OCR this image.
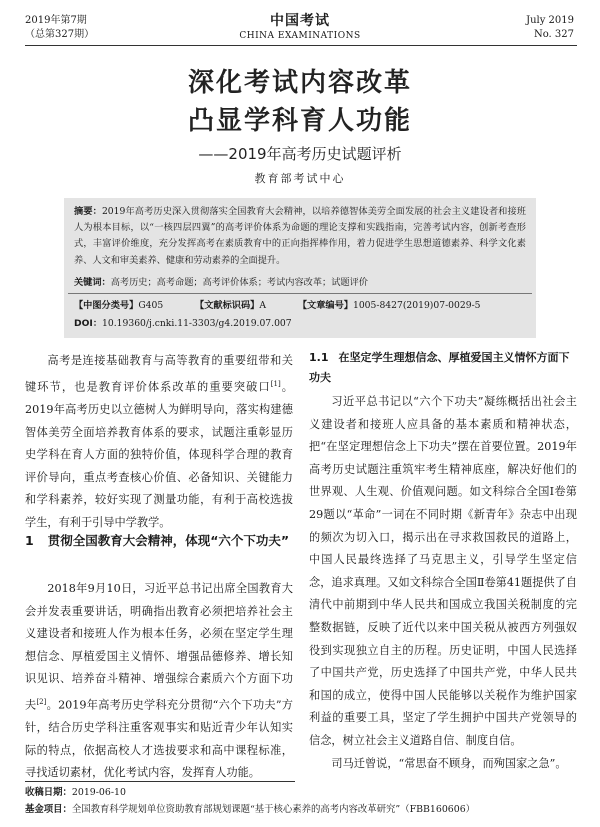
2019年第7期
（总第327期）
中国考试
CHINA EXAMINATIONS
July 2019
No. 327
深化考试内容改革
凸显学科育人功能
——2019年高考历史试题评析
教育部考试中心
摘要：2019年高考历史深入贯彻落实全国教育大会精神，以培养德智体美劳全面发展的社会主义建设者和接班人为根本目标，以“一核四层四翼”的高考评价体系为命题的理论支撑和实践指南，完善考试内容，创新考查形式，丰富评价维度，充分发挥高考在素质教育中的正向指挥棒作用，着力促进学生思想道德素养、科学文化素养、人文和审美素养、健康和劳动素养的全面提升。
关键词：高考历史；高考命题；高考评价体系；考试内容改革；试题评价
【中图分类号】G405	【文献标识码】A	【文章编号】1005-8427(2019)07-0029-5
DOI：10.19360/j.cnki.11-3303/g4.2019.07.007

高考是连接基础教育与高等教育的重要纽带和关键环节，也是教育评价体系改革的重要突破口[1]。2019年高考历史以立德树人为鲜明导向，落实构建德智体美劳全面培养教育体系的要求，试题注重彰显历史学科在育人方面的独特价值，体现科学合理的教育评价导向，重点考查核心价值、必备知识、关键能力和学科素养，较好实现了测量功能，有利于高校选拔学生，有利于引导中学教学。

1 贯彻全国教育大会精神，体现“六个下功夫”

2018年9月10日，习近平总书记出席全国教育大会并发表重要讲话，明确指出教育必须把培养社会主义建设者和接班人作为根本任务，必须在坚定学生理想信念、厚植爱国主义情怀、增强品德修养、增长知识见识、培养奋斗精神、增强综合素质六个方面下功夫[2]。2019年高考历史学科充分贯彻“六个下功夫”方针，结合历史学科注重客观事实和贴近青少年认知实际的特点，依据高校人才选拔要求和高中课程标准，寻找适切素材，优化考试内容，发挥育人功能。

1.1 在坚定学生理想信念、厚植爱国主义情怀方面下功夫

习近平总书记以“六个下功夫”凝练概括出社会主义建设者和接班人应具备的基本素质和精神状态，把“在坚定理想信念上下功夫”摆在首要位置。2019年高考历史试题注重筑牢考生精神底座，解决好他们的世界观、人生观、价值观问题。如文科综合全国Ⅰ卷第29题以“革命”一词在不同时期《新青年》杂志中出现的频次为切入口，揭示出在寻求救国救民的道路上，中国人民最终选择了马克思主义，引导学生坚定信念，追求真理。又如文科综合全国Ⅱ卷第41题提供了自清代中前期到中华人民共和国成立我国关税制度的完整数据链，反映了近代以来中国关税从被西方列强奴役到实现独立自主的历程。历史证明，中国人民选择了中国共产党，历史选择了中国共产党，中华人民共和国的成立，使得中国人民能够以关税作为维护国家利益的重要工具，坚定了学生拥护中国共产党领导的信念，树立社会主义道路自信、制度自信。

司马迁曾说，“常思奋不顾身，而殉国家之急”。

收稿日期：2019-06-10
基金项目：全国教育科学规划单位资助教育部规划课题“基于核心素养的高考内容改革研究”（FBB160606）
